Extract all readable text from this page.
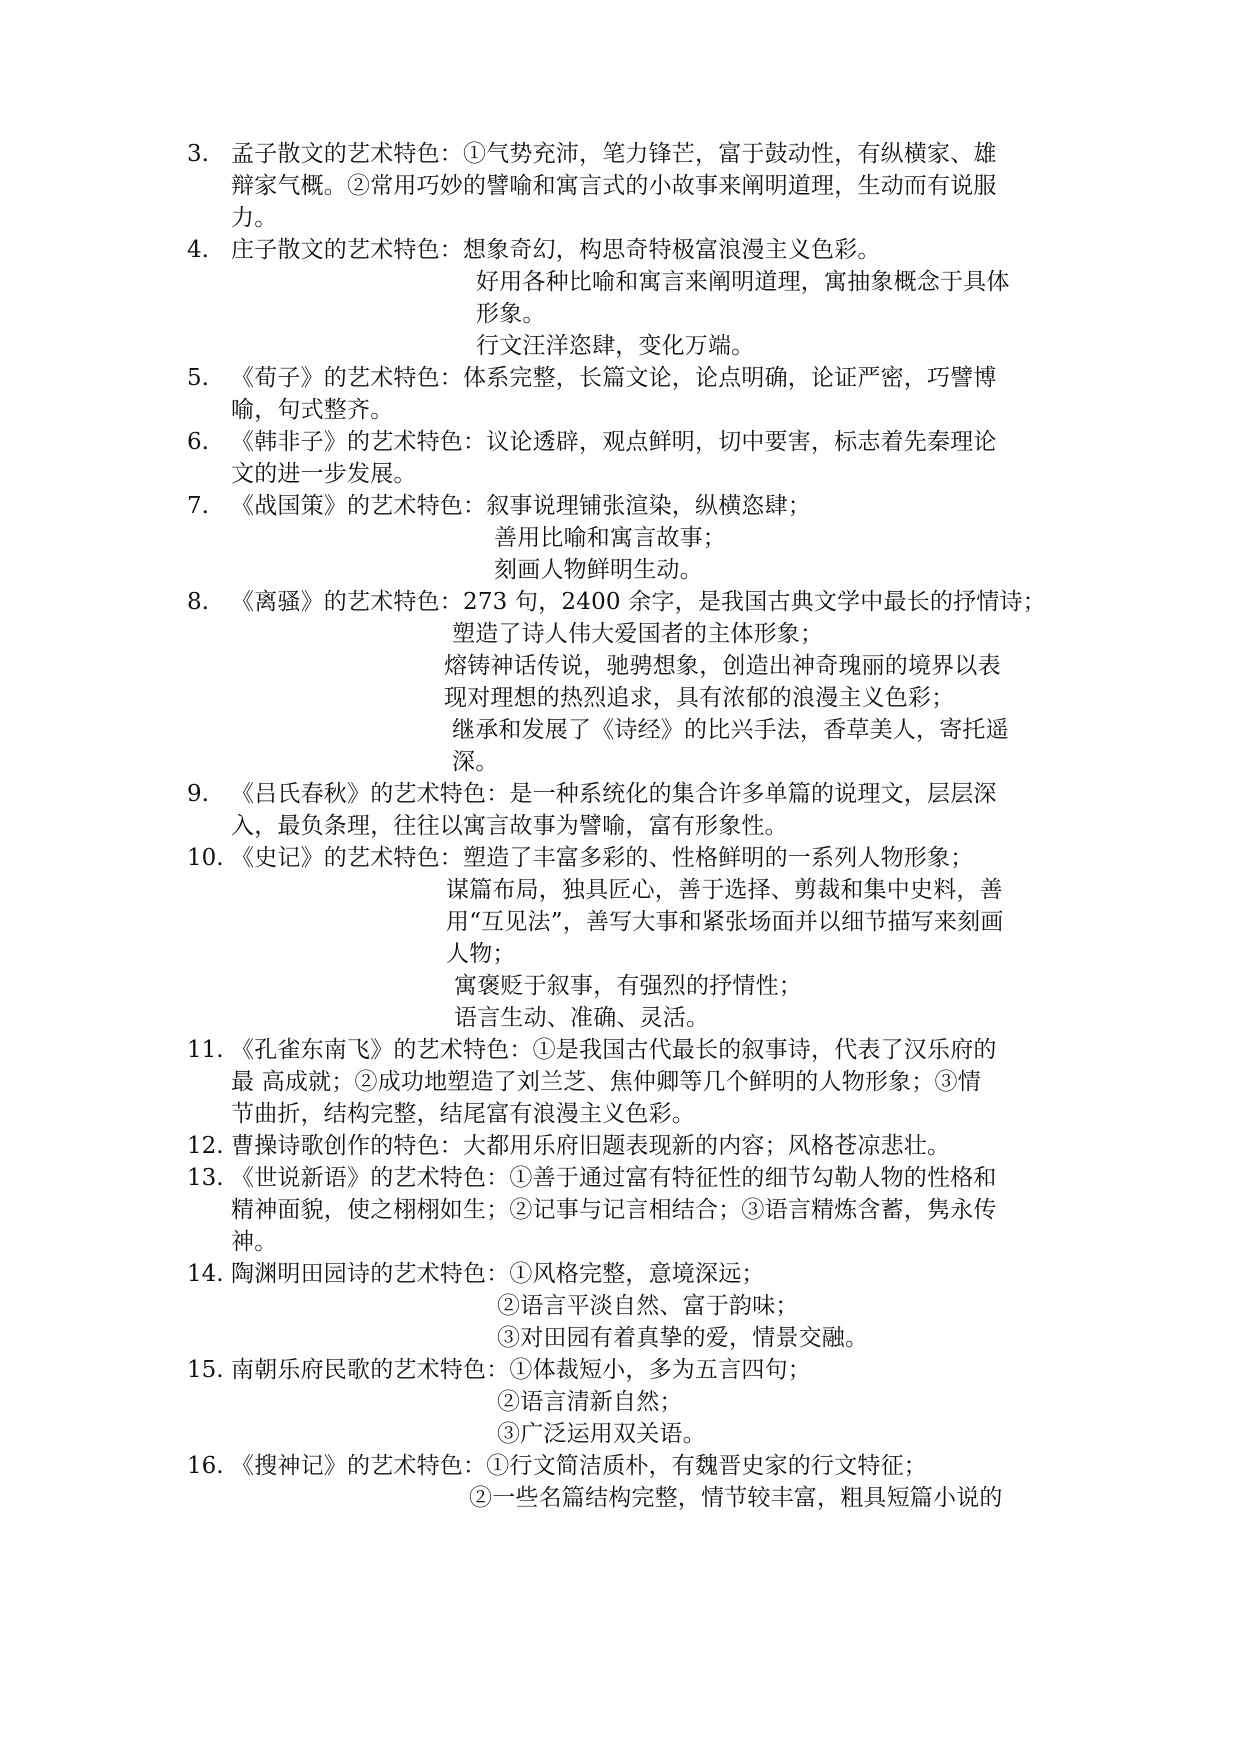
3. 孟子散文的艺术特色：①气势充沛，笔力锋芒，富于鼓动性，有纵横家、雄
辩家气概。②常用巧妙的譬喻和寓言式的小故事来阐明道理，生动而有说服
力。
4. 庄子散文的艺术特色：想象奇幻，构思奇特极富浪漫主义色彩。
好用各种比喻和寓言来阐明道理，寓抽象概念于具体
形象。
行文汪洋恣肆，变化万端。
5. 《荀子》的艺术特色：体系完整，长篇文论，论点明确，论证严密，巧譬博
喻，句式整齐。
6. 《韩非子》的艺术特色：议论透辟，观点鲜明，切中要害，标志着先秦理论
文的进一步发展。
7. 《战国策》的艺术特色：叙事说理铺张渲染，纵横恣肆；
善用比喻和寓言故事；
刻画人物鲜明生动。
8. 《离骚》的艺术特色：273 句，2400 余字，是我国古典文学中最长的抒情诗；
塑造了诗人伟大爱国者的主体形象；
熔铸神话传说，驰骋想象，创造出神奇瑰丽的境界以表
现对理想的热烈追求，具有浓郁的浪漫主义色彩；
继承和发展了《诗经》的比兴手法，香草美人，寄托遥
深。
9. 《吕氏春秋》的艺术特色：是一种系统化的集合许多单篇的说理文，层层深
入，最负条理，往往以寓言故事为譬喻，富有形象性。
10. 《史记》的艺术特色：塑造了丰富多彩的、性格鲜明的一系列人物形象；
谋篇布局，独具匠心，善于选择、剪裁和集中史料，善
用“互见法”，善写大事和紧张场面并以细节描写来刻画
人物；
寓褒贬于叙事，有强烈的抒情性；
语言生动、准确、灵活。
11. 《孔雀东南飞》的艺术特色：①是我国古代最长的叙事诗，代表了汉乐府的
最 高成就；②成功地塑造了刘兰芝、焦仲卿等几个鲜明的人物形象；③情
节曲折，结构完整，结尾富有浪漫主义色彩。
12. 曹操诗歌创作的特色：大都用乐府旧题表现新的内容；风格苍凉悲壮。
13. 《世说新语》的艺术特色：①善于通过富有特征性的细节勾勒人物的性格和
精神面貌，使之栩栩如生；②记事与记言相结合；③语言精炼含蓄，隽永传
神。
14. 陶渊明田园诗的艺术特色：①风格完整，意境深远；
②语言平淡自然、富于韵味；
③对田园有着真挚的爱，情景交融。
15. 南朝乐府民歌的艺术特色：①体裁短小，多为五言四句；
②语言清新自然；
③广泛运用双关语。
16. 《搜神记》的艺术特色：①行文简洁质朴，有魏晋史家的行文特征；
②一些名篇结构完整，情节较丰富，粗具短篇小说的
